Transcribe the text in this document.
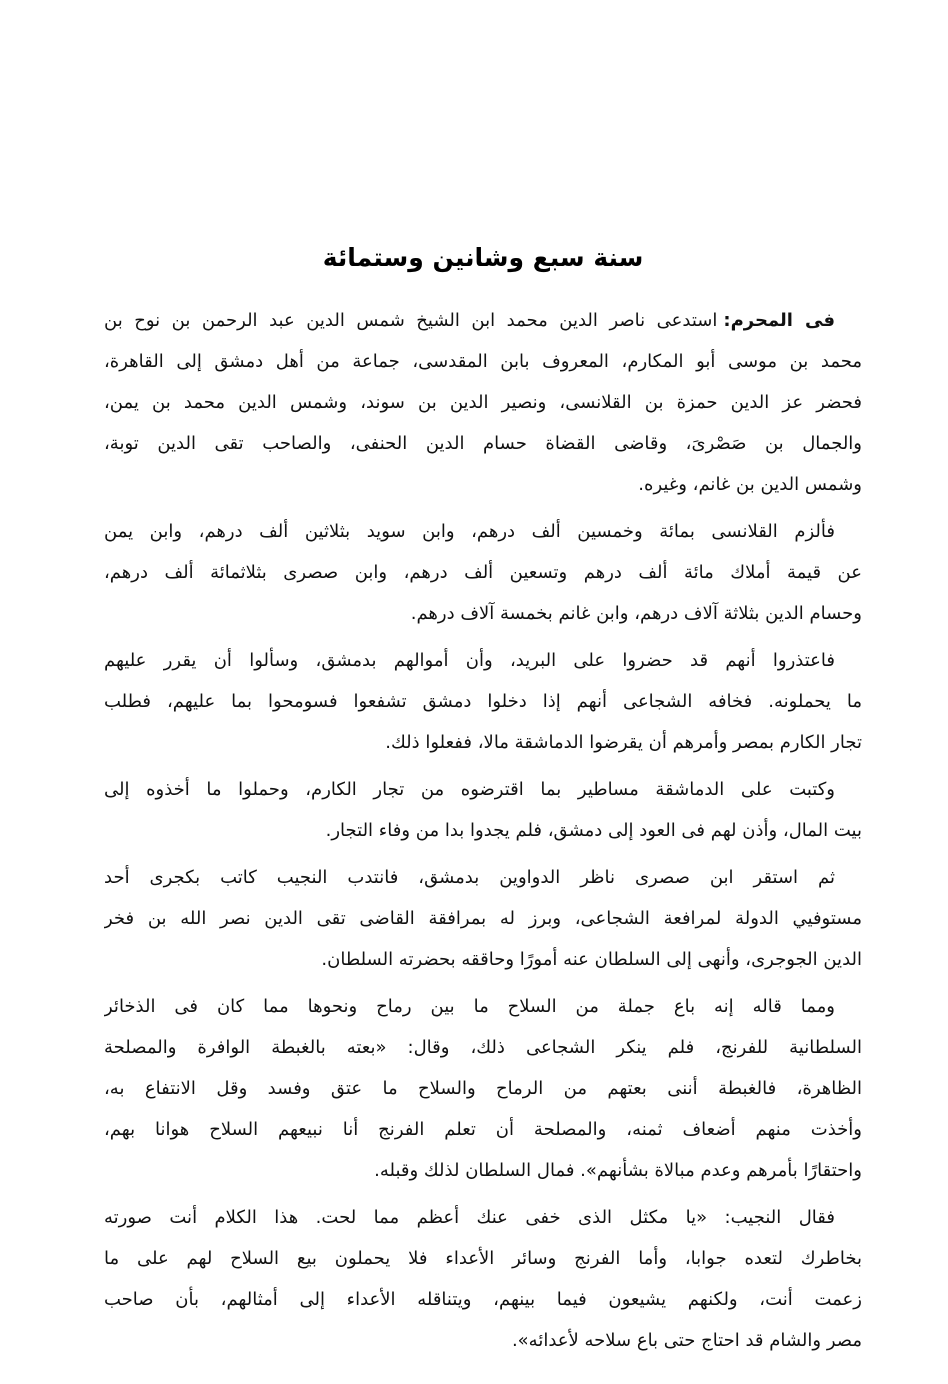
سنة سبع وشانين وستمائة
فى المحرم:استدعى ناصر الدين محمد ابن الشيخ شمس الدين عبد الرحمن بن نوح بن
محمد بن موسى أبو المكارم، المعروف بابن المقدسى، جماعة من أهل دمشق إلى القاهرة،
فحضر عز الدين حمزة بن القلانسى، ونصير الدين بن سوند، وشمس الدين محمد بن يمن،
والجمال بن صَصْرىَ، وقاضى القضاة حسام الدين الحنفى، والصاحب تقى الدين توبة،
وشمس الدين بن غانم، وغيره.
فألزم القلانسى بمائة وخمسين ألف درهم، وابن سويد بثلاثين ألف درهم، وابن يمن
عن قيمة أملاك مائة ألف درهم وتسعين ألف درهم، وابن صصرى بثلاثمائة ألف درهم،
وحسام الدين بثلاثة آلاف درهم، وابن غانم بخمسة آلاف درهم.
فاعتذروا أنهم قد حضروا على البريد، وأن أموالهم بدمشق، وسألوا أن يقرر عليهم
ما يحملونه. فخافه الشجاعى أنهم إذا دخلوا دمشق تشفعوا فسومحوا بما عليهم، فطلب
تجار الكارم بمصر وأمرهم أن يقرضوا الدماشقة مالا، ففعلوا ذلك.
وكتبت على الدماشقة مساطير بما اقترضوه من تجار الكارم، وحملوا ما أخذوه إلى
بيت المال، وأذن لهم فى العود إلى دمشق، فلم يجدوا بدا من وفاء التجار.
ثم استقر ابن صصرى ناظر الدواوين بدمشق، فانتدب النجيب كاتب بكجرى أحد
مستوفيي الدولة لمرافعة الشجاعى، وبرز له بمرافقة القاضى تقى الدين نصر الله بن فخر
الدين الجوجرى، وأنهى إلى السلطان عنه أمورًا وحاققه بحضرته السلطان.
ومما قاله إنه باع جملة من السلاح ما بين رماح ونحوها مما كان فى الذخائر
السلطانية للفرنج، فلم ينكر الشجاعى ذلك، وقال: «بعته بالغبطة الوافرة والمصلحة
الظاهرة، فالغبطة أننى بعتهم من الرماح والسلاح ما عتق وفسد وقل الانتفاع به،
وأخذت منهم أضعاف ثمنه، والمصلحة أن تعلم الفرنج أنا نبيعهم السلاح هوانا بهم،
واحتقارًا بأمرهم وعدم مبالاة بشأنهم». فمال السلطان لذلك وقبله.
فقال النجيب: «يا مكثل الذى خفى عنك أعظم مما لحت. هذا الكلام أنت صورته
بخاطرك لتعده جوابا، وأما الفرنج وسائر الأعداء فلا يحملون بيع السلاح لهم على ما
زعمت أنت، ولكنهم يشيعون فيما بينهم، ويتناقله الأعداء إلى أمثالهم، بأن صاحب
مصر والشام قد احتاج حتى باع سلاحه لأعدائه».
